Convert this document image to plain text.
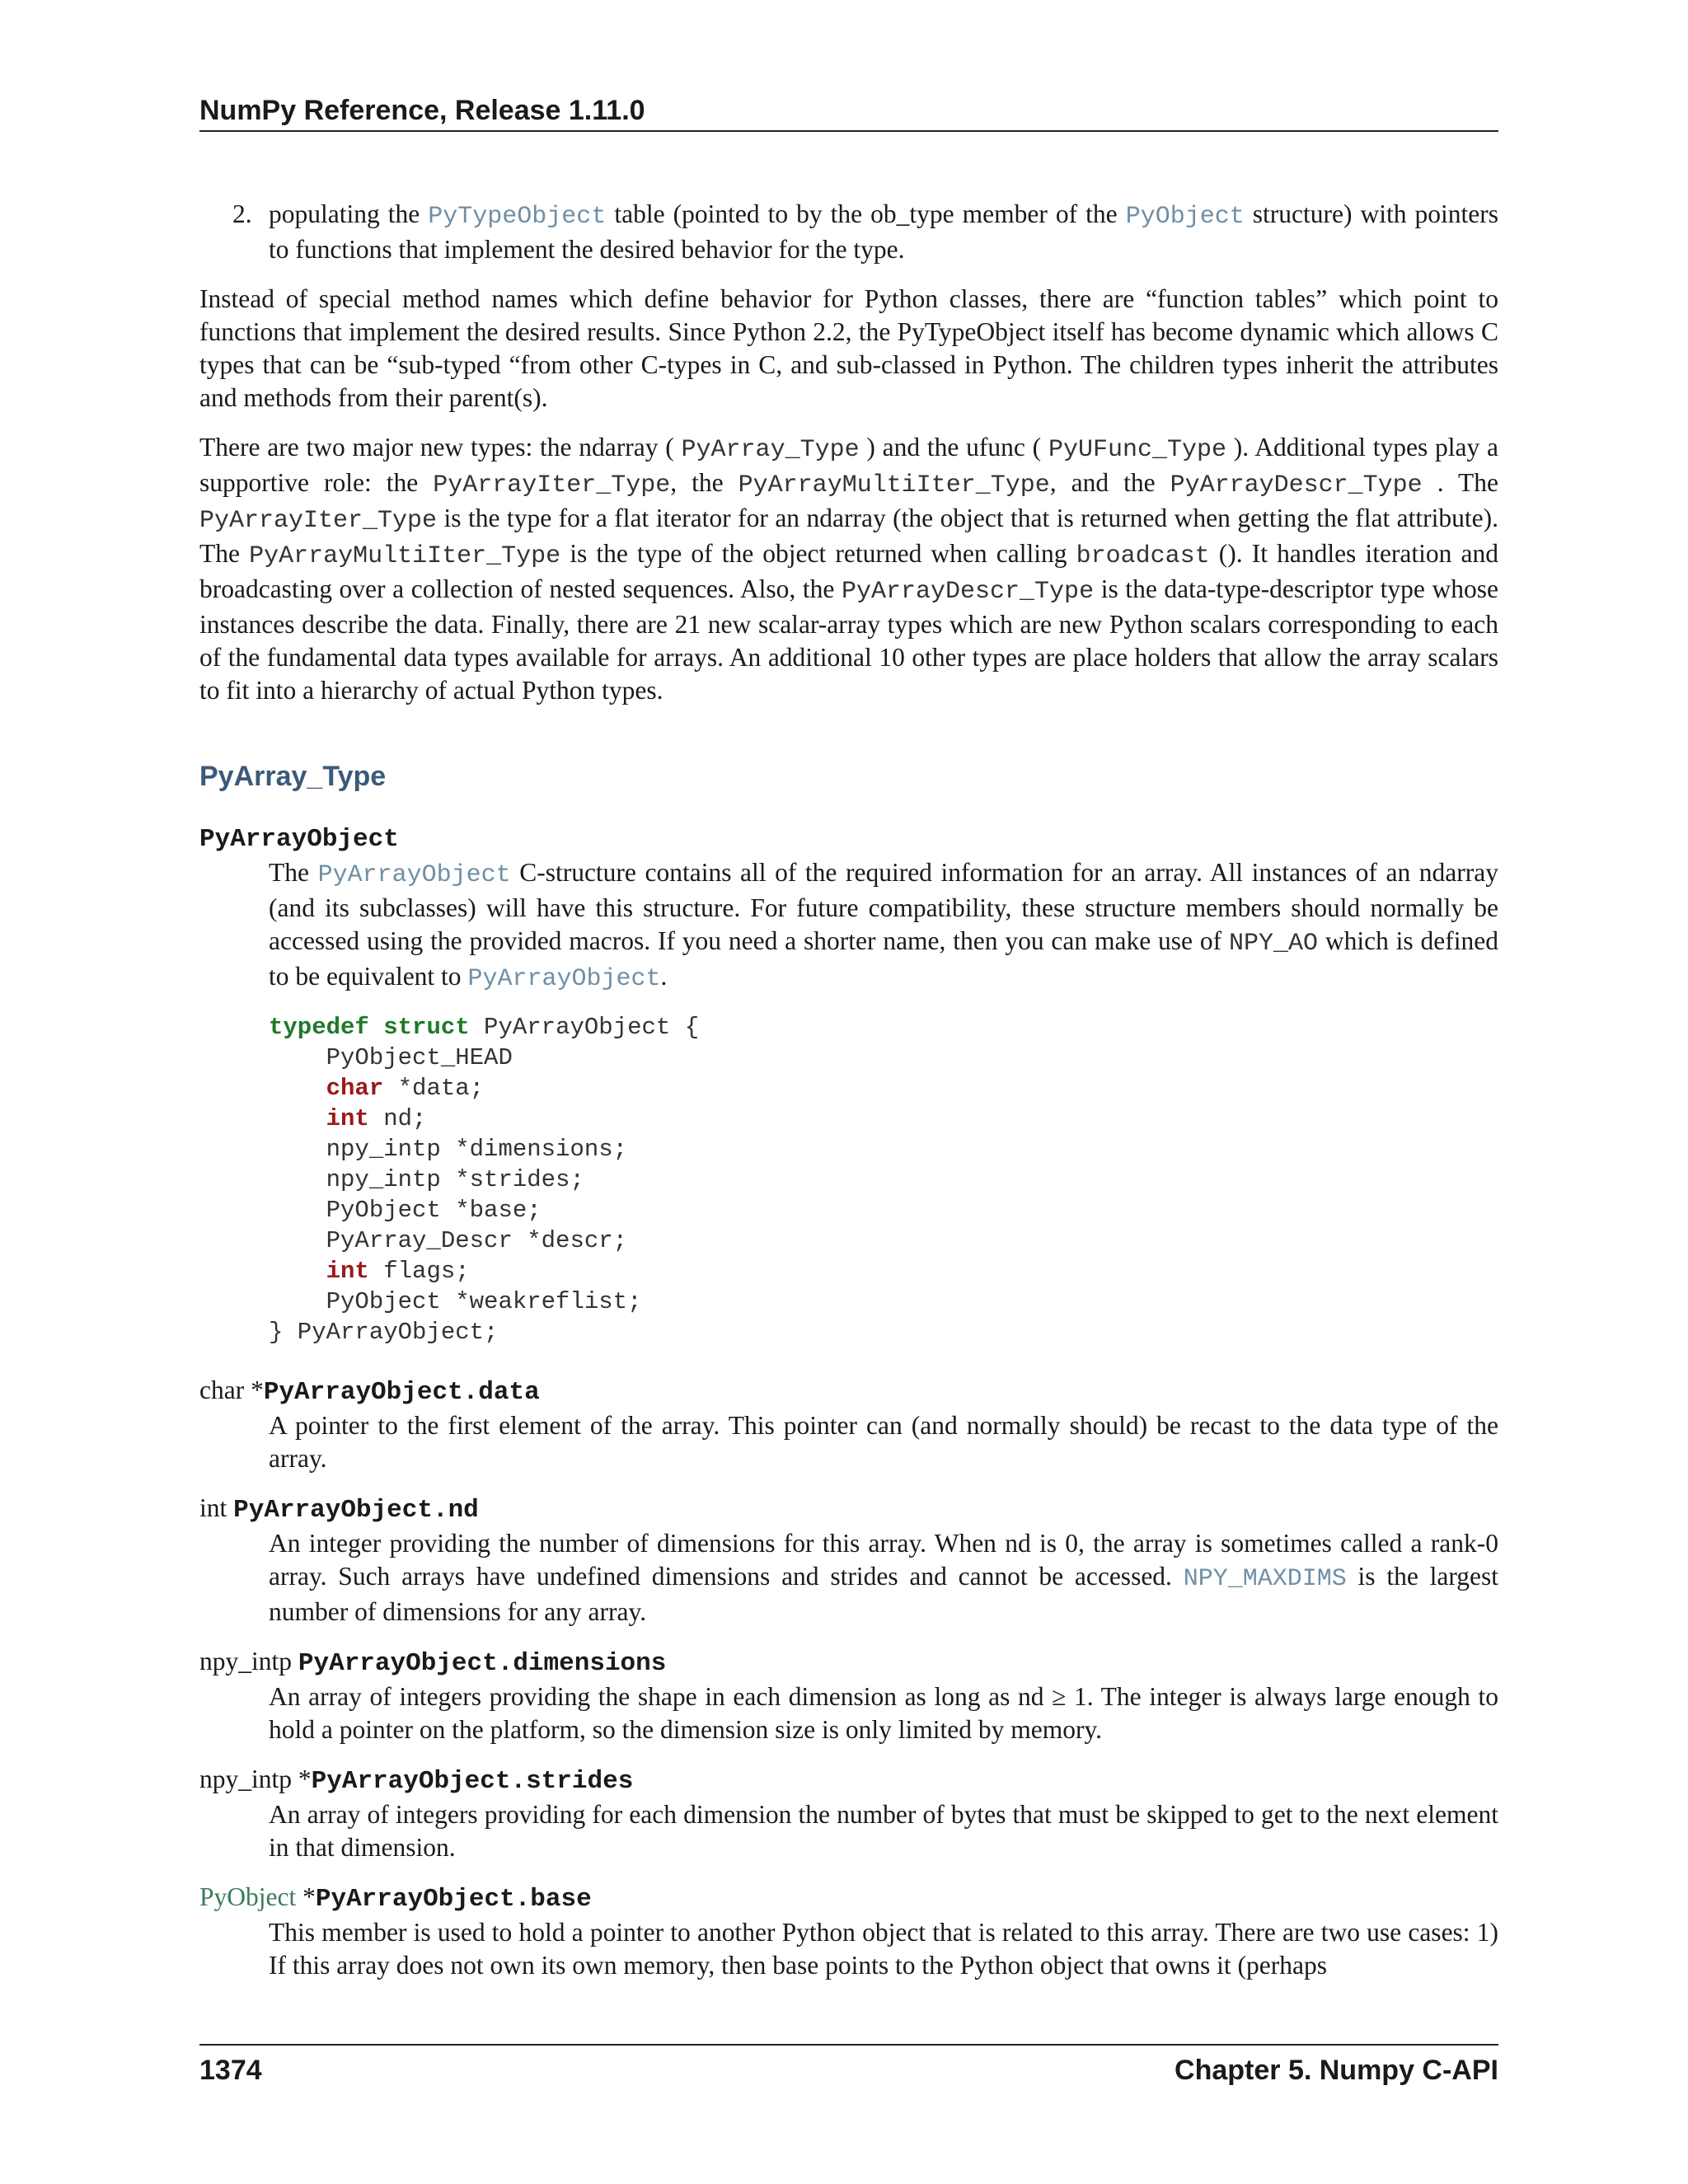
NumPy Reference, Release 1.11.0
2. populating the PyTypeObject table (pointed to by the ob_type member of the PyObject structure) with pointers to functions that implement the desired behavior for the type.

Instead of special method names which define behavior for Python classes, there are “function tables” which point to functions that implement the desired results. Since Python 2.2, the PyTypeObject itself has become dynamic which allows C types that can be “sub-typed “from other C-types in C, and sub-classed in Python. The children types inherit the attributes and methods from their parent(s).

There are two major new types: the ndarray ( PyArray_Type ) and the ufunc ( PyUFunc_Type ). Additional types play a supportive role: the PyArrayIter_Type, the PyArrayMultiIter_Type, and the PyArrayDescr_Type . The PyArrayIter_Type is the type for a flat iterator for an ndarray (the object that is returned when getting the flat attribute). The PyArrayMultiIter_Type is the type of the object returned when calling broadcast (). It handles iteration and broadcasting over a collection of nested sequences. Also, the PyArrayDescr_Type is the data-type-descriptor type whose instances describe the data. Finally, there are 21 new scalar-array types which are new Python scalars corresponding to each of the fundamental data types available for arrays. An additional 10 other types are place holders that allow the array scalars to fit into a hierarchy of actual Python types.

PyArray_Type
PyArrayObject

The PyArrayObject C-structure contains all of the required information for an array. All instances of an ndarray (and its subclasses) will have this structure. For future compatibility, these structure members should normally be accessed using the provided macros. If you need a shorter name, then you can make use of NPY_AO which is defined to be equivalent to PyArrayObject.

typedef struct PyArrayObject {
PyObject_HEAD
char *data;
int nd;
npy_intp *dimensions;
npy_intp *strides;
PyObject *base;
PyArray_Descr *descr;
int flags;
PyObject *weakreflist;
} PyArrayObject;
char *PyArrayObject.data

A pointer to the first element of the array. This pointer can (and normally should) be recast to the data type of the array.

int PyArrayObject.nd

An integer providing the number of dimensions for this array. When nd is 0, the array is sometimes called a rank-0 array. Such arrays have undefined dimensions and strides and cannot be accessed. NPY_MAXDIMS is the largest number of dimensions for any array.

npy_intp PyArrayObject.dimensions

An array of integers providing the shape in each dimension as long as nd ≥ 1. The integer is always large enough to hold a pointer on the platform, so the dimension size is only limited by memory.

npy_intp *PyArrayObject.strides

An array of integers providing for each dimension the number of bytes that must be skipped to get to the next element in that dimension.

PyObject *PyArrayObject.base

This member is used to hold a pointer to another Python object that is related to this array. There are two use cases: 1) If this array does not own its own memory, then base points to the Python object that owns it (perhaps

1374	Chapter 5. Numpy C-API
